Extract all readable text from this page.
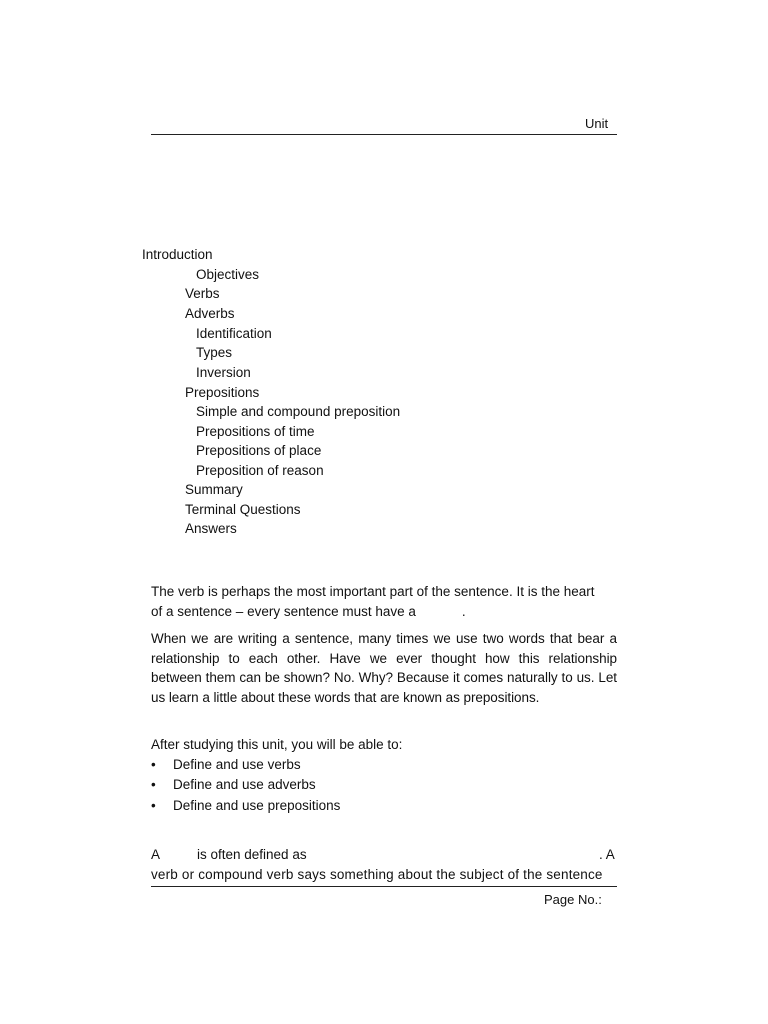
Unit
Introduction
Objectives
Verbs
Adverbs
Identification
Types
Inversion
Prepositions
Simple and compound preposition
Prepositions of time
Prepositions of place
Preposition of reason
Summary
Terminal Questions
Answers
The verb is perhaps the most important part of the sentence. It is the heart
of a sentence – every sentence must have a	.
When we are writing a sentence, many times we use two words that bear a relationship to each other. Have we ever thought how this relationship between them can be shown? No. Why? Because it comes naturally to us. Let us learn a little about these words that are known as prepositions.
After studying this unit, you will be able to:
• Define and use verbs
• Define and use adverbs
• Define and use prepositions
A	is often defined as	. A
verb or compound verb says something about the subject of the sentence
Page No.:
